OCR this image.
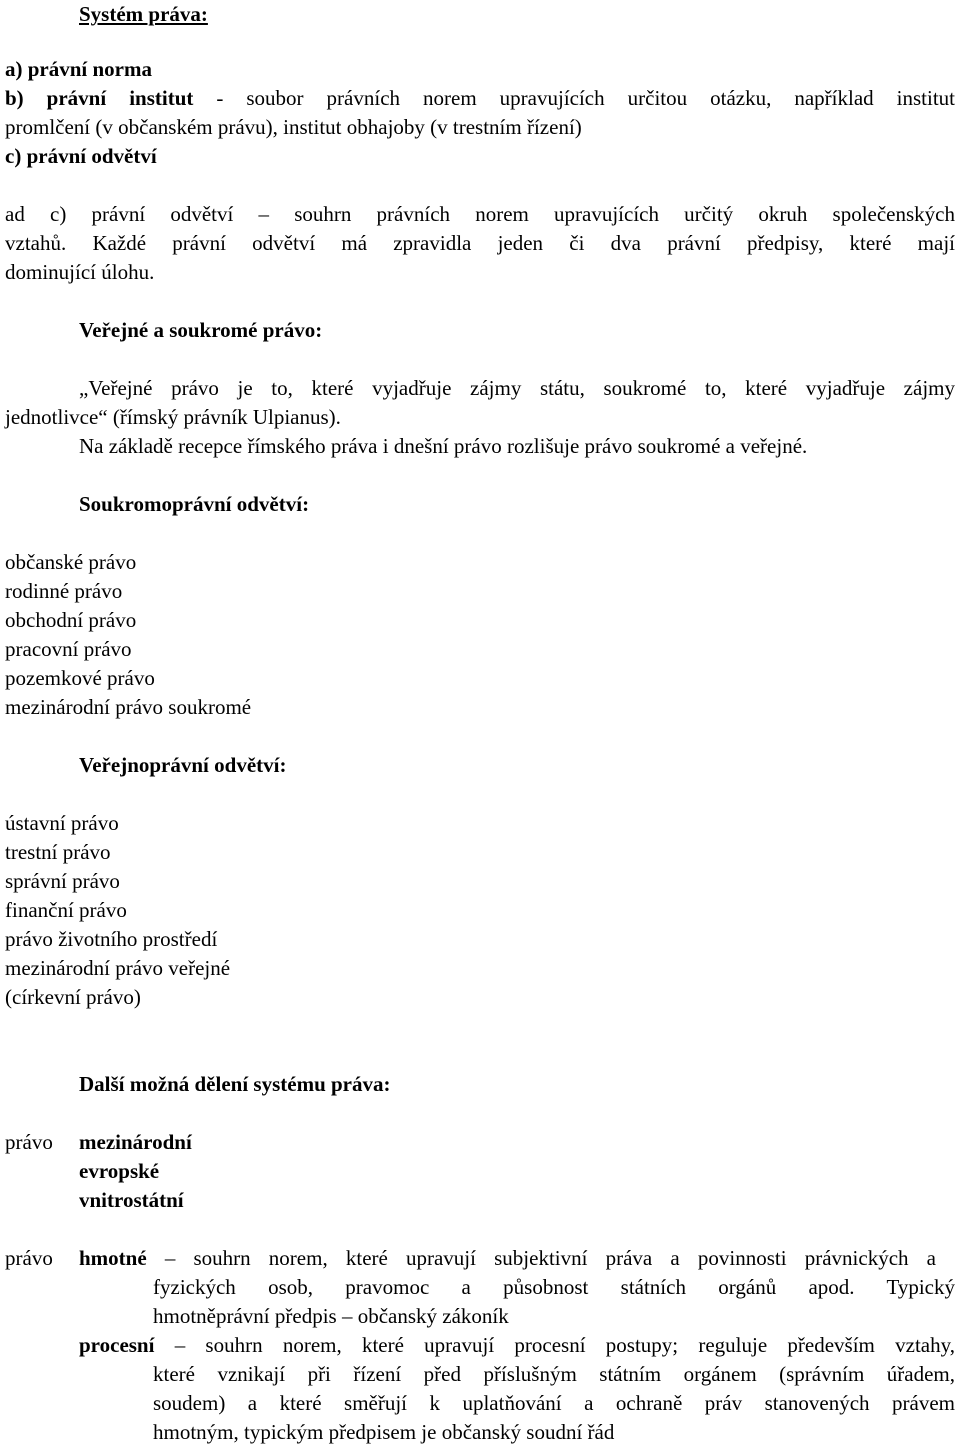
Systém práva:
a) právní norma
b) právní institut - soubor právních norem upravujících určitou otázku, například institut
promlčení (v občanském právu), institut obhajoby (v trestním řízení)
c) právní odvětví
ad c) právní odvětví – souhrn právních norem upravujících určitý okruh společenských
vztahů. Každé právní odvětví má zpravidla jeden či dva právní předpisy, které mají
dominující úlohu.
Veřejné a soukromé právo:
„Veřejné právo je to, které vyjadřuje zájmy státu, soukromé to, které vyjadřuje zájmy
jednotlivce“ (římský právník Ulpianus).
Na základě recepce římského práva i dnešní právo rozlišuje právo soukromé a veřejné.
Soukromoprávní odvětví:
občanské právo
rodinné právo
obchodní právo
pracovní právo
pozemkové právo
mezinárodní právo soukromé
Veřejnoprávní odvětví:
ústavní právo
trestní právo
správní právo
finanční právo
právo životního prostředí
mezinárodní právo veřejné
(církevní právo)
Další možná dělení systému práva:
právo mezinárodní
evropské
vnitrostátní
právo hmotné – souhrn norem, které upravují subjektivní práva a povinnosti právnických a
fyzických osob, pravomoc a působnost státních orgánů apod. Typický
hmotněprávní předpis – občanský zákoník
procesní – souhrn norem, které upravují procesní postupy; reguluje především vztahy,
které vznikají při řízení před příslušným státním orgánem (správním úřadem,
soudem) a které směřují k uplatňování a ochraně práv stanovených právem
hmotným, typickým předpisem je občanský soudní řád
